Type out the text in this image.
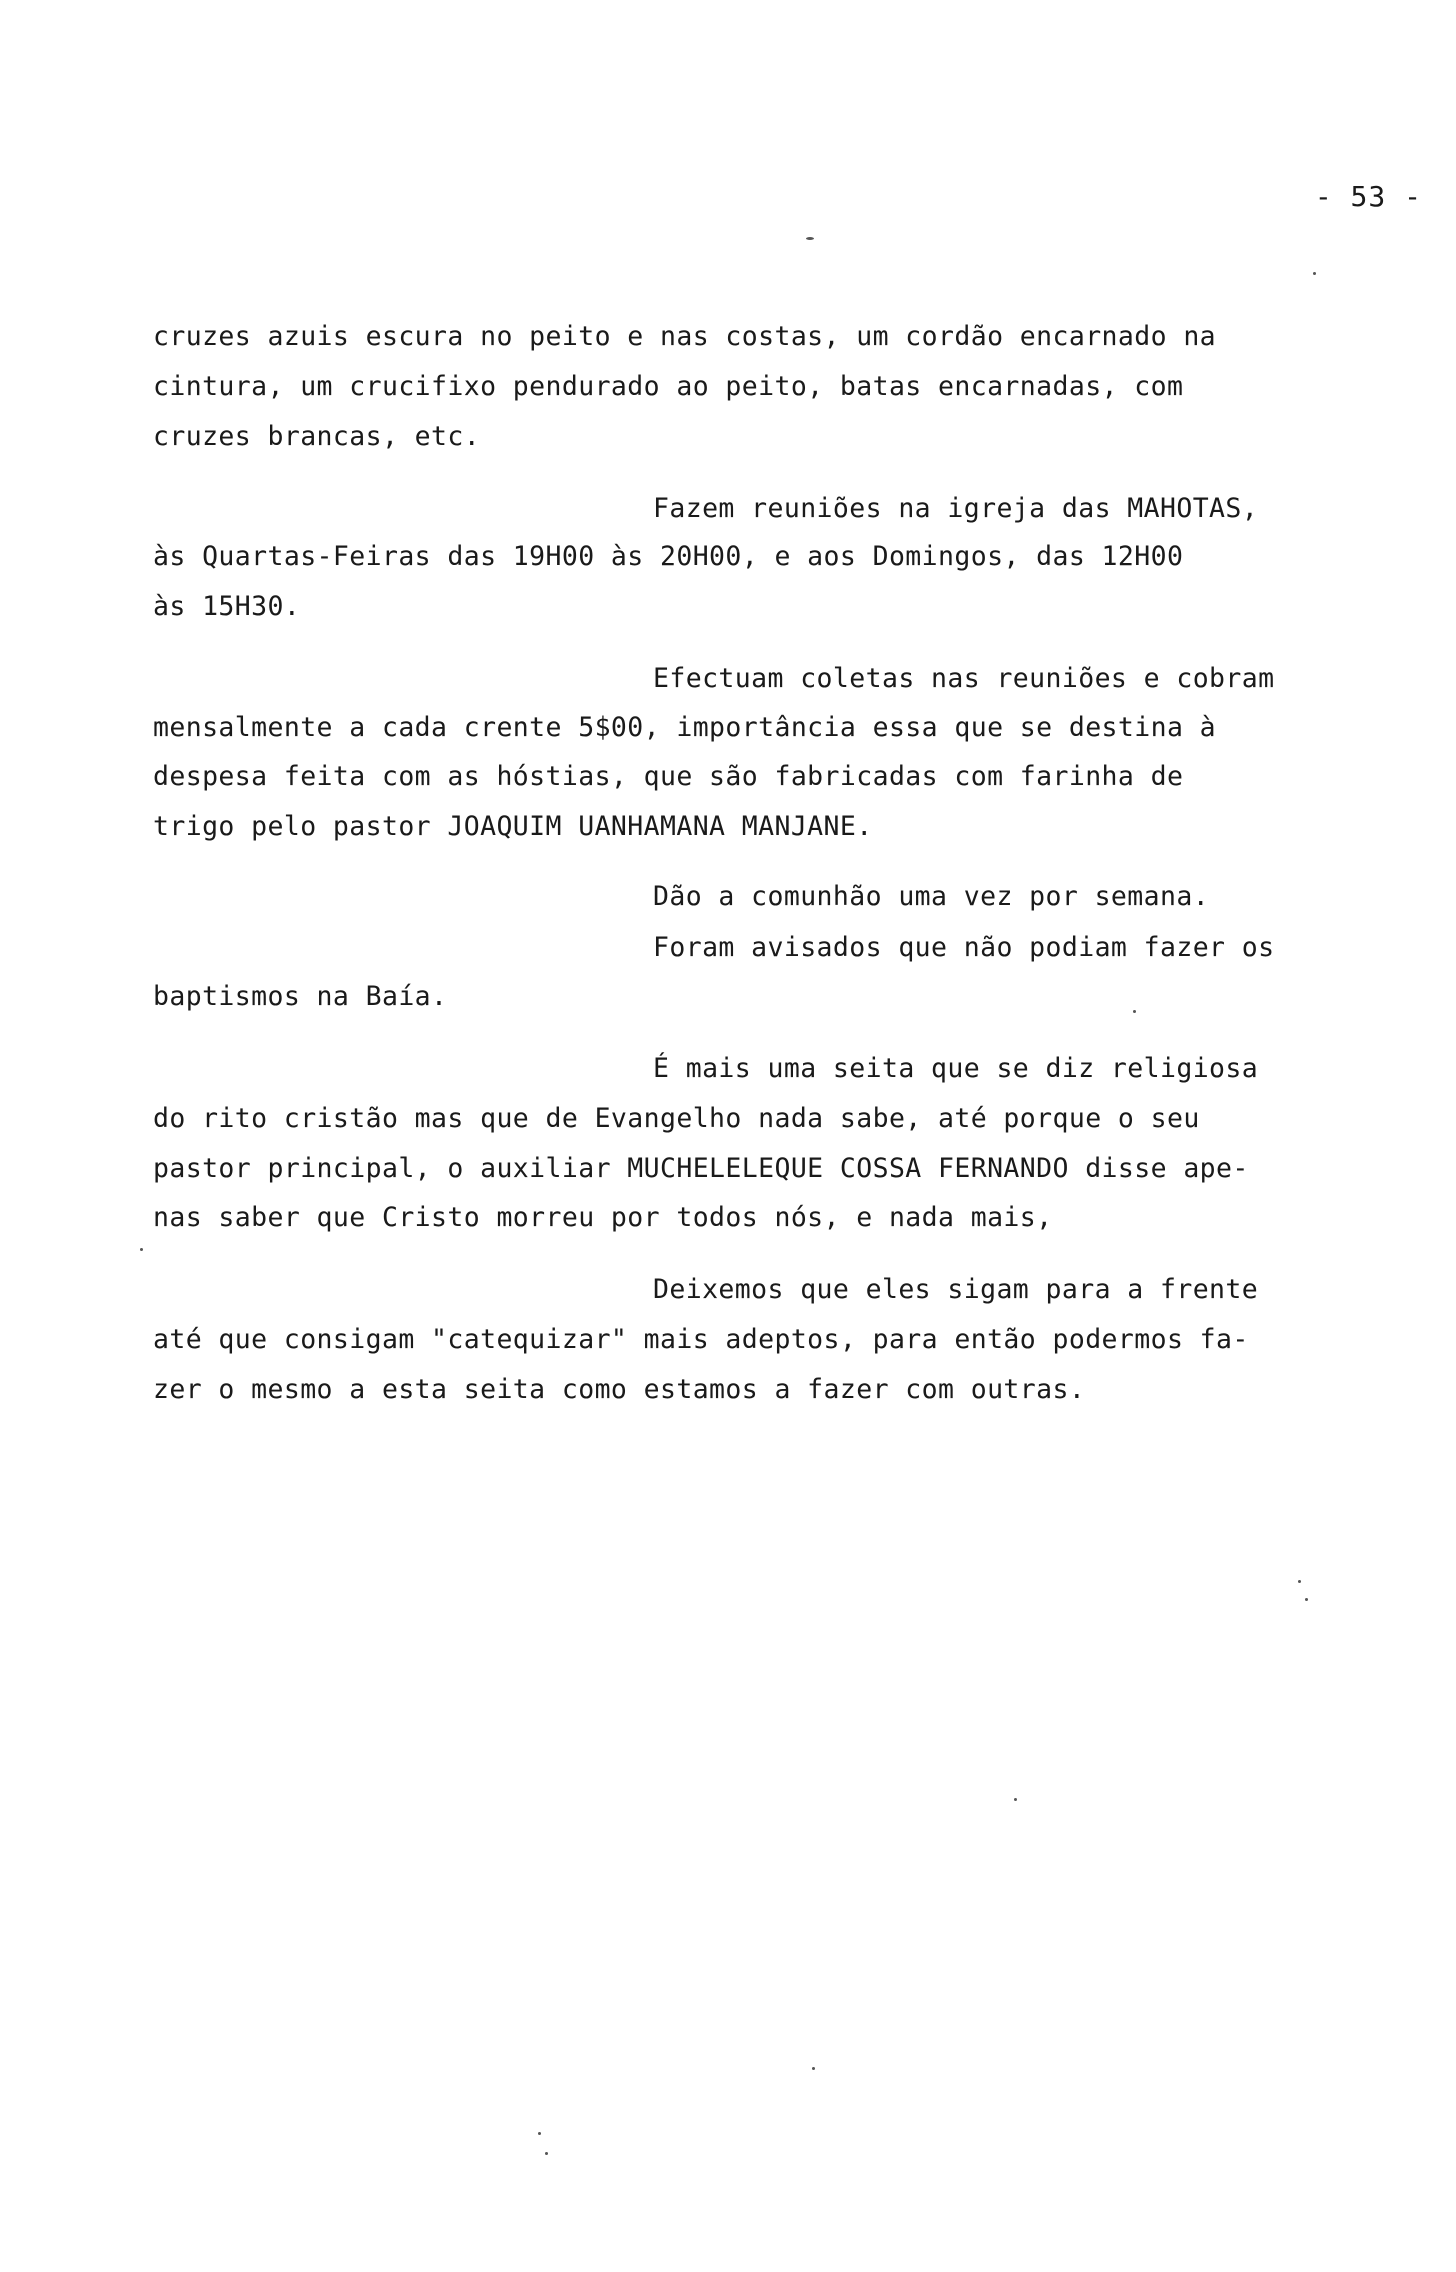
- 53 -
cruzes azuis escura no peito e nas costas, um cordão encarnado na
cintura, um crucifixo pendurado ao peito, batas encarnadas, com
cruzes brancas, etc.
Fazem reuniões na igreja das MAHOTAS,
às Quartas-Feiras das 19H00 às 20H00, e aos Domingos, das 12H00
às 15H30.
Efectuam coletas nas reuniões e cobram
mensalmente a cada crente 5$00, importância essa que se destina à
despesa feita com as hóstias, que são fabricadas com farinha de
trigo pelo pastor JOAQUIM UANHAMANA MANJANE.
Dão a comunhão uma vez por semana.
Foram avisados que não podiam fazer os
baptismos na Baía.
É mais uma seita que se diz religiosa
do rito cristão mas que de Evangelho nada sabe, até porque o seu
pastor principal, o auxiliar MUCHELELEQUE COSSA FERNANDO disse ape-
nas saber que Cristo morreu por todos nós, e nada mais,
Deixemos que eles sigam para a frente
até que consigam "catequizar" mais adeptos, para então podermos fa-
zer o mesmo a esta seita como estamos a fazer com outras.
